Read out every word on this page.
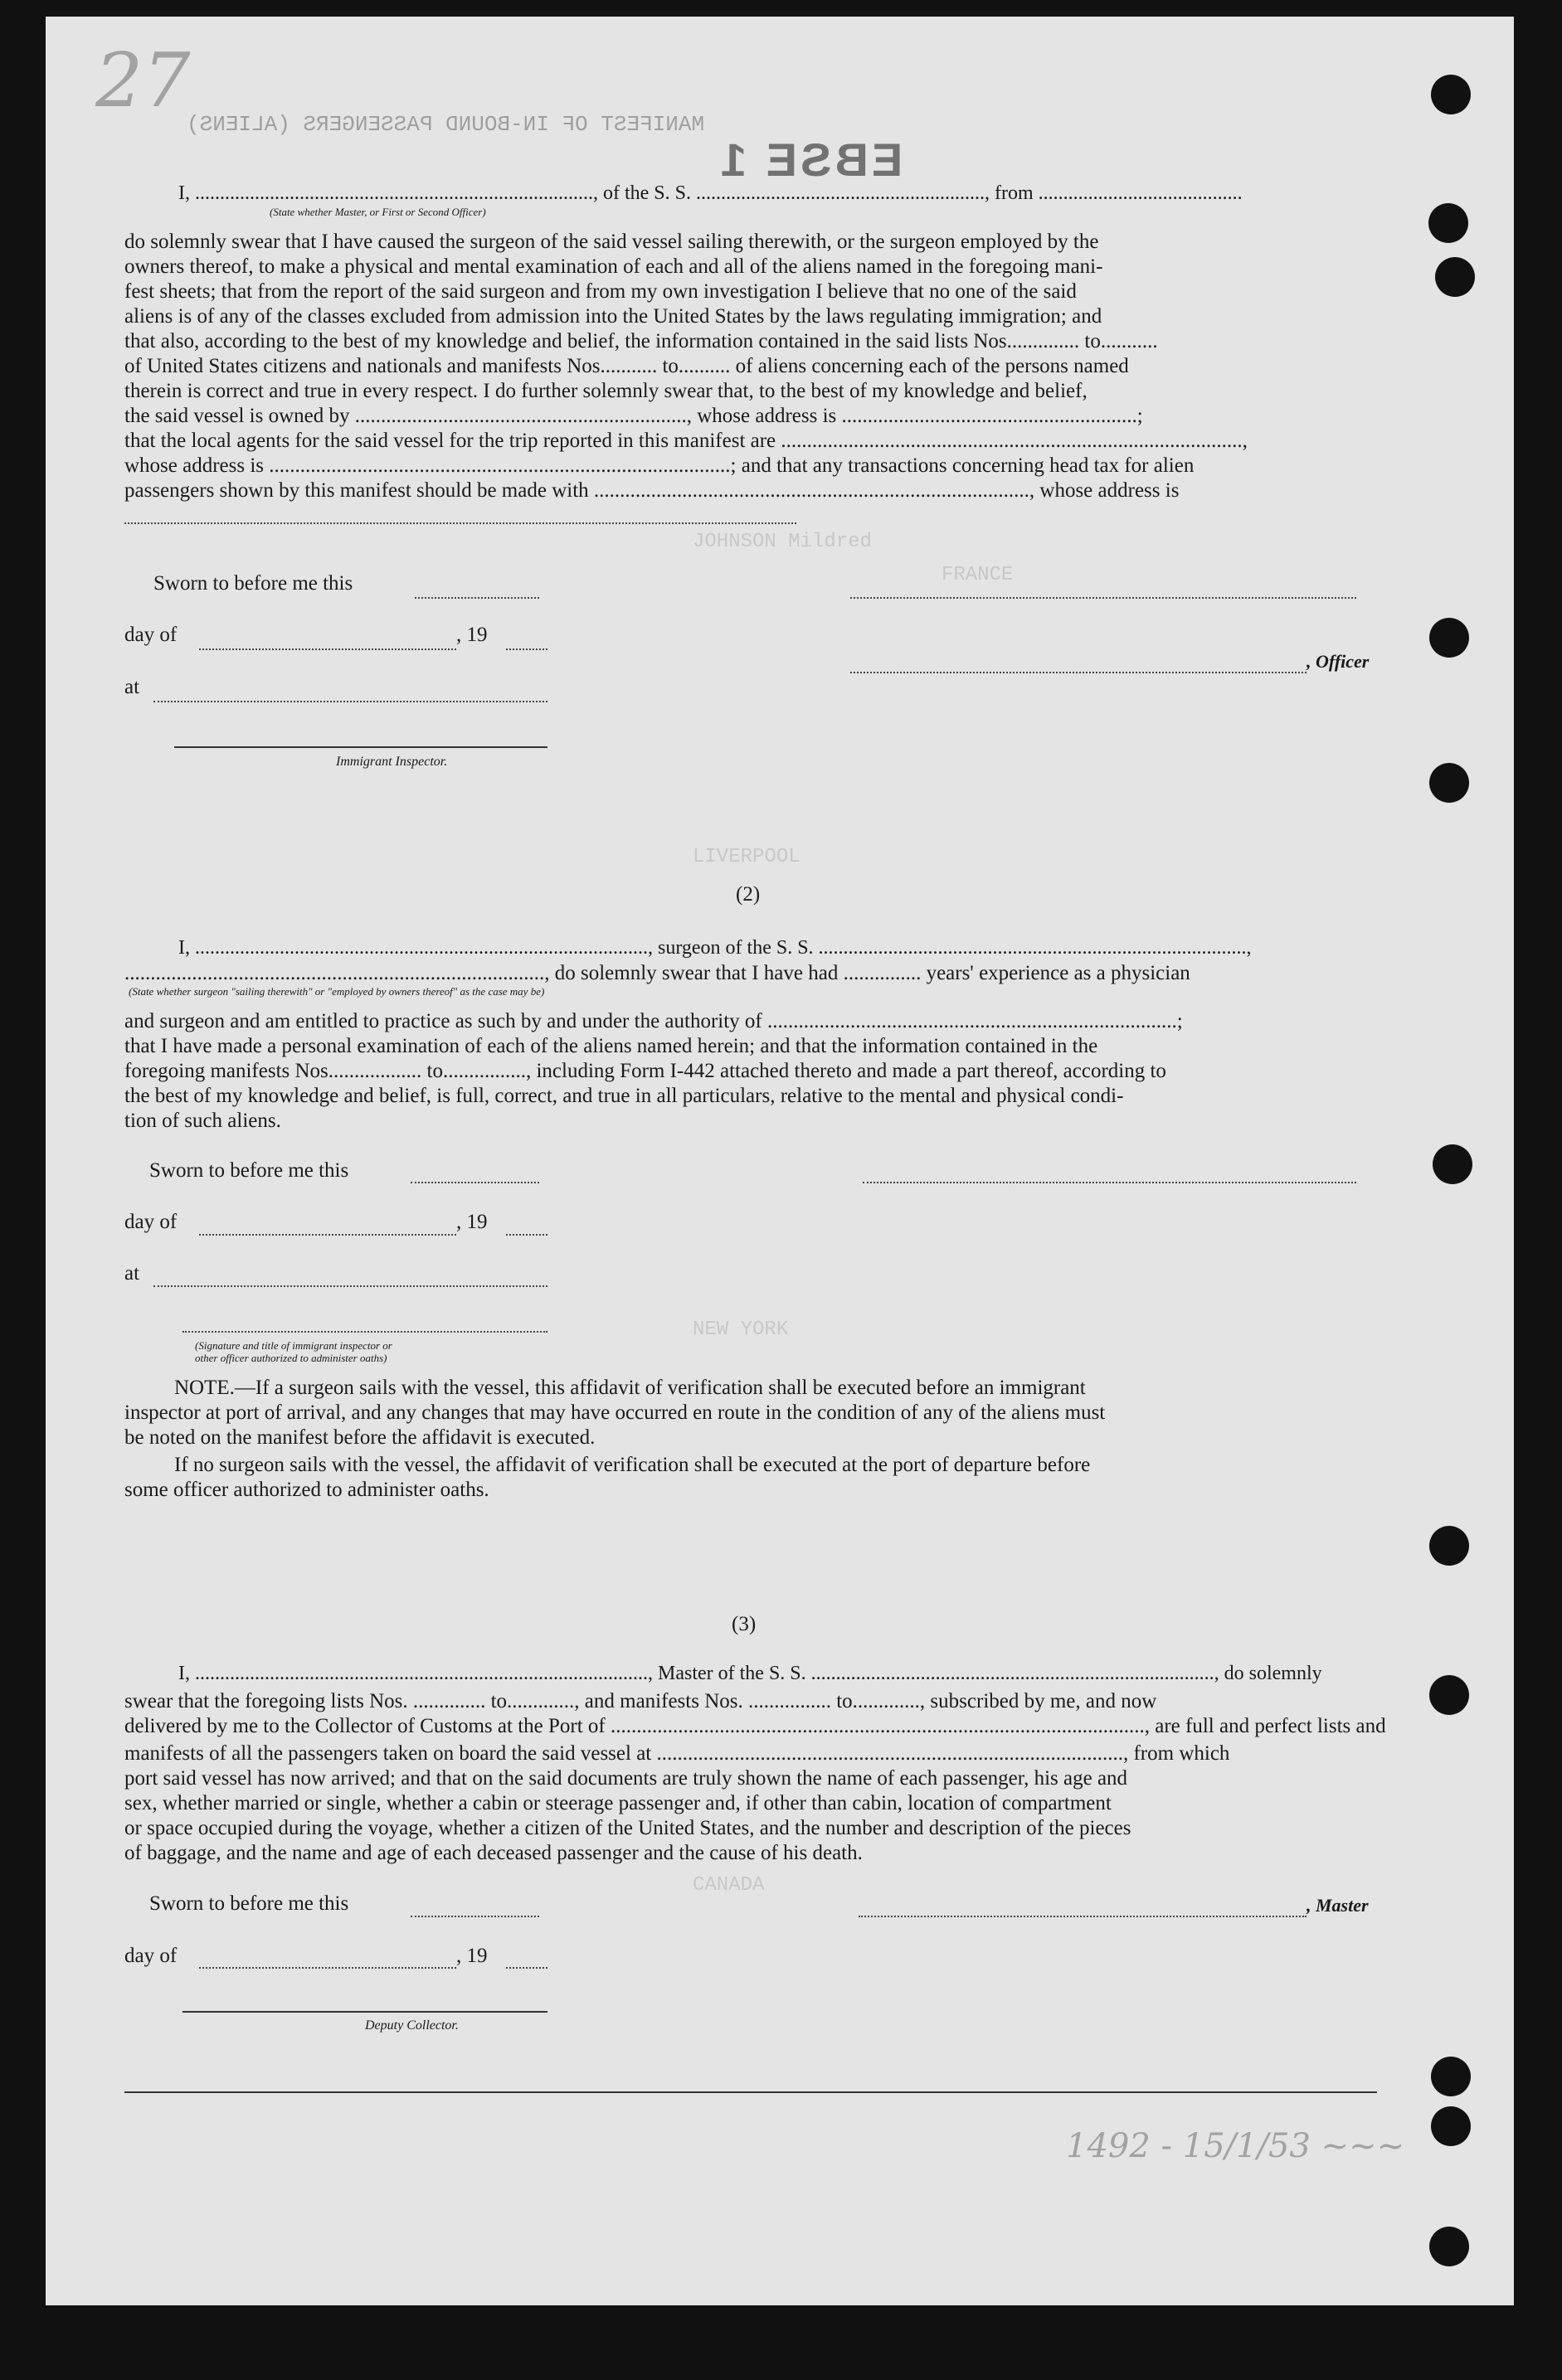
27
MANIFEST OF IN-BOUND PASSENGERS (ALIENS)
EBSE 1
JOHNSON Mildred
FRANCE
LIVERPOOL
NEW YORK
CANADA
I, ................................................................................, of the S. S. .........................................................., from .........................................
(State whether Master, or First or Second Officer)
do solemnly swear that I have caused the surgeon of the said vessel sailing therewith, or the surgeon employed by the
owners thereof, to make a physical and mental examination of each and all of the aliens named in the foregoing mani-
fest sheets; that from the report of the said surgeon and from my own investigation I believe that no one of the said
aliens is of any of the classes excluded from admission into the United States by the laws regulating immigration; and
that also, according to the best of my knowledge and belief, the information contained in the said lists Nos.............. to...........
of United States citizens and nationals and manifests Nos........... to.......... of aliens concerning each of the persons named
therein is correct and true in every respect. I do further solemnly swear that, to the best of my knowledge and belief,
the said vessel is owned by ................................................................, whose address is .........................................................;
that the local agents for the said vessel for the trip reported in this manifest are .........................................................................................,
whose address is .........................................................................................; and that any transactions concerning head tax for alien
passengers shown by this manifest should be made with ...................................................................................., whose address is
Sworn to before me this
day of	, 19
at
Immigrant Inspector.
, Officer
(2)
I, ..........................................................................................., surgeon of the S. S. ......................................................................................,
................................................................................., do solemnly swear that I have had ............... years' experience as a physician
(State whether surgeon "sailing therewith" or "employed by owners thereof" as the case may be)
and surgeon and am entitled to practice as such by and under the authority of ...............................................................................;
that I have made a personal examination of each of the aliens named herein; and that the information contained in the
foregoing manifests Nos.................. to................, including Form I-442 attached thereto and made a part thereof, according to
the best of my knowledge and belief, is full, correct, and true in all particulars, relative to the mental and physical condi-
tion of such aliens.
Sworn to before me this
day of	, 19
at
(Signature and title of immigrant inspector or
other officer authorized to administer oaths)
NOTE.—If a surgeon sails with the vessel, this affidavit of verification shall be executed before an immigrant
inspector at port of arrival, and any changes that may have occurred en route in the condition of any of the aliens must
be noted on the manifest before the affidavit is executed.
If no surgeon sails with the vessel, the affidavit of verification shall be executed at the port of departure before
some officer authorized to administer oaths.
(3)
I, ..........................................................................................., Master of the S. S. ................................................................................., do solemnly
swear that the foregoing lists Nos. .............. to............., and manifests Nos. ................ to............., subscribed by me, and now
delivered by me to the Collector of Customs at the Port of ......................................................................................................., are full and perfect lists and
manifests of all the passengers taken on board the said vessel at .........................................................................................., from which
port said vessel has now arrived; and that on the said documents are truly shown the name of each passenger, his age and
sex, whether married or single, whether a cabin or steerage passenger and, if other than cabin, location of compartment
or space occupied during the voyage, whether a citizen of the United States, and the number and description of the pieces
of baggage, and the name and age of each deceased passenger and the cause of his death.
Sworn to before me this	, Master
day of	, 19
Deputy Collector.
1492 - 15/1/53 ~~~
